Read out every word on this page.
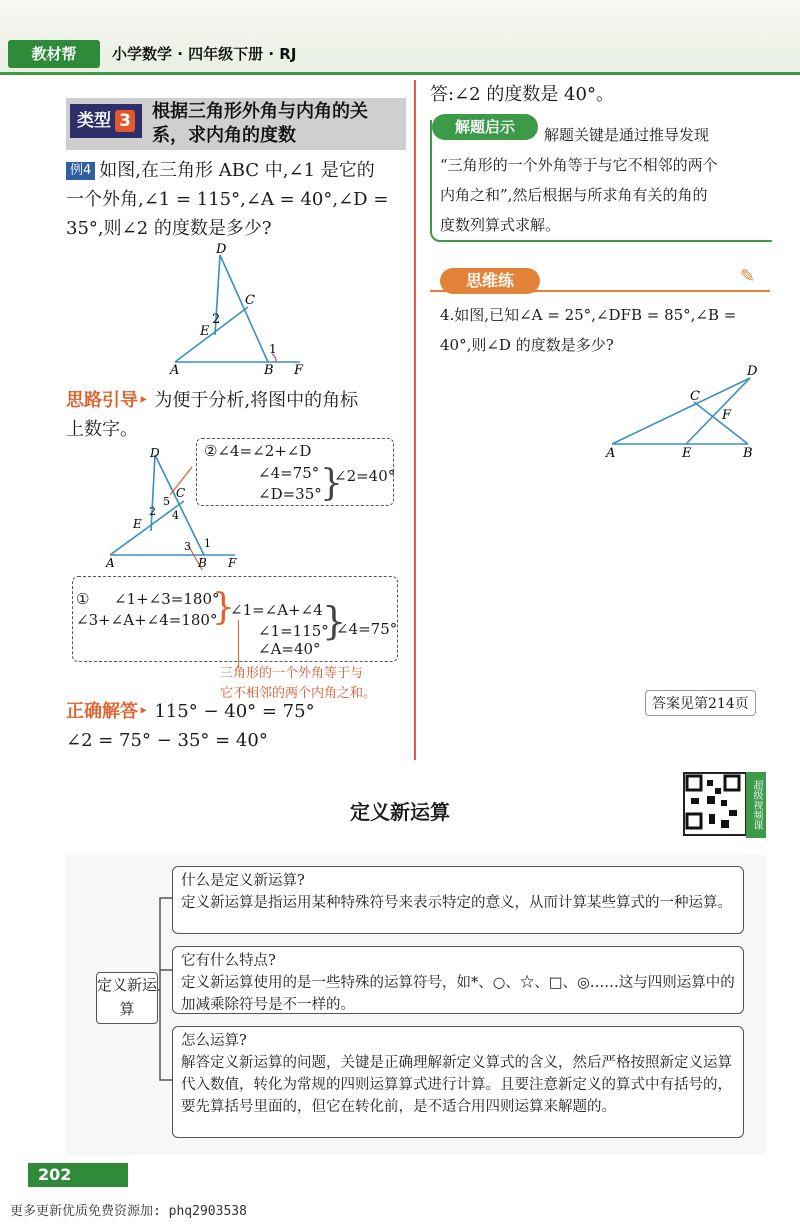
教材帮	小学数学 · 四年级下册 · RJ
类型 3	根据三角形外角与内角的关系，求内角的度数
例4 如图,在三角形 ABC 中,∠1 是它的
一个外角,∠1 = 115°,∠A = 40°,∠D =
35°,则∠2 的度数是多少?
D
C
2
E
A	B
1
F
思路引导‣ 为便于分析,将图中的角标
上数字。
D
5
C
2 4
E
3 1
A	B F
②∠4=∠2+∠D
∠4=75°
∠D=35°
}
∠2=40°
① ∠1+∠3=180°
∠3+∠A+∠4=180°
}
∠1=∠A+∠4
∠1=115°
∠A=40°
}
∠4=75°
三角形的一个外角等于与
它不相邻的两个内角之和。
正确解答‣ 115° − 40° = 75°
∠2 = 75° − 35° = 40°
答:∠2 的度数是 40°。
解题启示	解题关键是通过推导发现
“三角形的一个外角等于与它不相邻的两个
内角之和”,然后根据与所求角有关的角的
度数列算式求解。
思维练	✎
4.如图,已知∠A = 25°,∠DFB = 85°,∠B =
40°,则∠D 的度数是多少?
D
C
F
A	E	B
答案见第214页
定义新运算	超级视频课
定义新运算
什么是定义新运算?
定义新运算是指运用某种特殊符号来表示特定的意义，从而计算某些算式的一种运算。
它有什么特点?
定义新运算使用的是一些特殊的运算符号，如*、○、☆、□、◎……这与四则运算中的加减乘除符号是不一样的。
怎么运算?
解答定义新运算的问题，关键是正确理解新定义算式的含义，然后严格按照新定义运算代入数值，转化为常规的四则运算算式进行计算。且要注意新定义的算式中有括号的，要先算括号里面的，但它在转化前，是不适合用四则运算来解题的。
202
更多更新优质免费资源加: phq2903538
